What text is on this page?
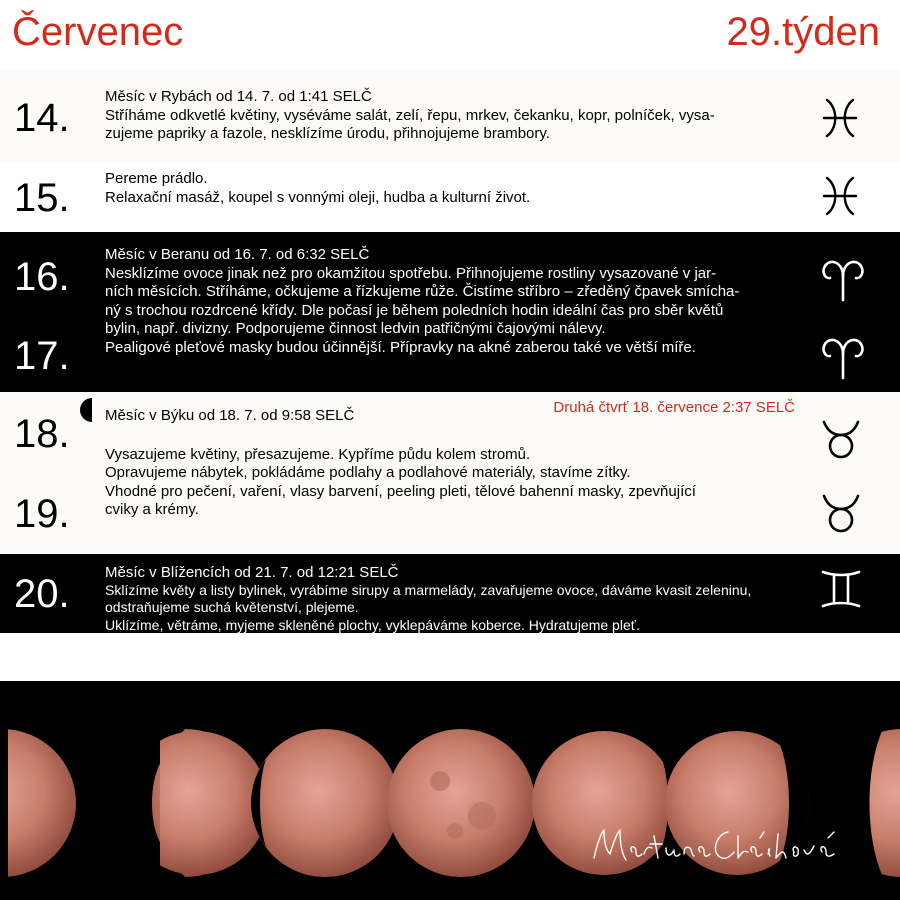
Červenec	29.týden
14. Měsíc v Rybách od 14. 7. od 1:41 SELČ
Stříháme odkvetlé květiny, vyséváme salát, zelí, řepu, mrkev, čekanku, kopr, polníček, vysa-
zujeme papriky a fazole, nesklízíme úrodu, přihnojujeme brambory.
15. Pereme prádlo.
Relaxační masáž, koupel s vonnými oleji, hudba a kulturní život.
16.
17.
Měsíc v Beranu od 16. 7. od 6:32 SELČ
Nesklízíme ovoce jinak než pro okamžitou spotřebu. Přihnojujeme rostliny vysazované v jar-
ních měsících. Stříháme, očkujeme a řízkujeme růže. Čistíme stříbro – zředěný čpavek smícha-
ný s trochou rozdrcené křídy. Dle počasí je během poledních hodin ideální čas pro sběr květů
bylin, např. divizny. Podporujeme činnost ledvin patřičnými čajovými nálevy.
Pealigové pleťové masky budou účinnější. Přípravky na akné zaberou také ve větší míře.
18.
19.
Druhá čtvrť 18. července 2:37 SELČ
Měsíc v Býku od 18. 7. od 9:58 SELČ
Vysazujeme květiny, přesazujeme. Kypříme půdu kolem stromů.
Opravujeme nábytek, pokládáme podlahy a podlahové materiály, stavíme zítky.
Vhodné pro pečení, vaření, vlasy barvení, peeling pleti, tělové bahenní masky, zpevňující
cviky a krémy.
20. Měsíc v Blížencích od 21. 7. od 12:21 SELČ
Sklízíme květy a listy bylinek, vyrábíme sirupy a marmelády, zavařujeme ovoce, dáváme kvasit zeleninu,
odstraňujeme suchá květenství, plejeme.
Uklízíme, větráme, myjeme skleněné plochy, vyklepáváme koberce. Hydratujeme pleť.
